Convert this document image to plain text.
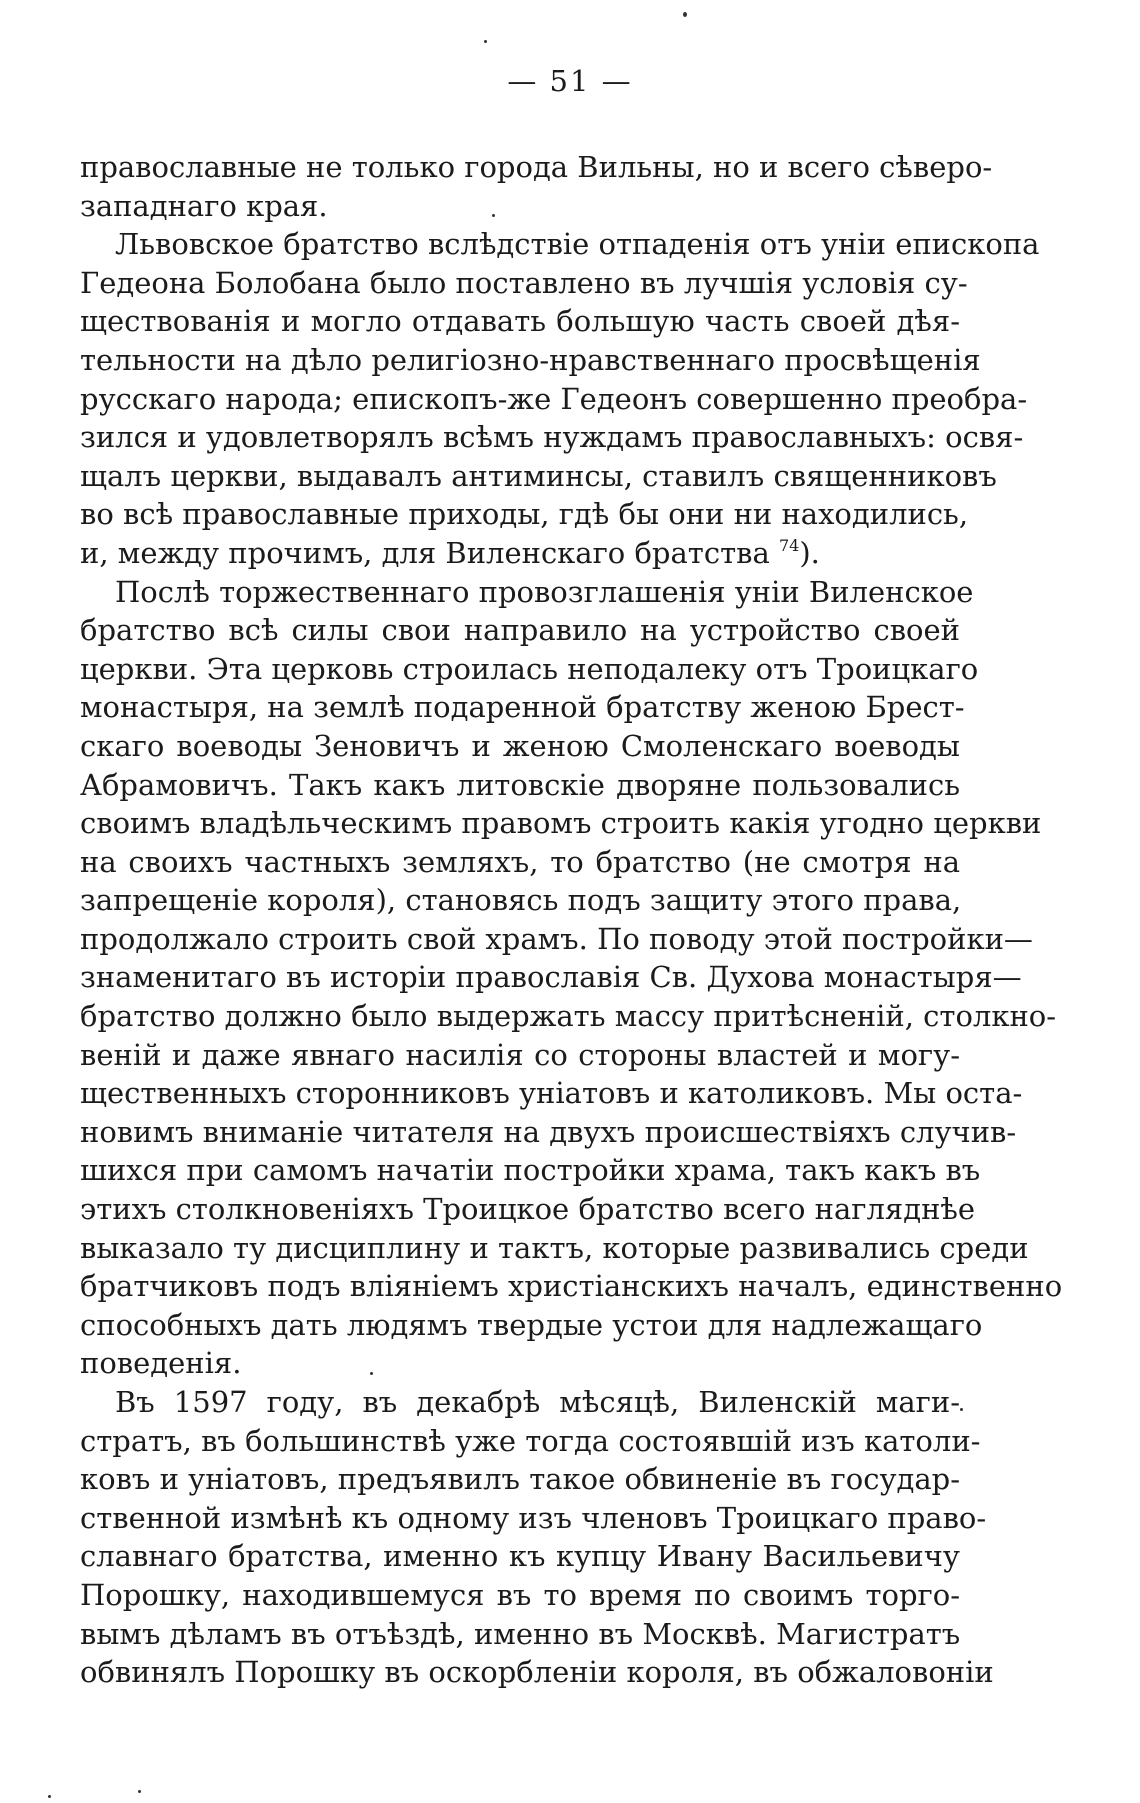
— 51 —
православные не только города Вильны, но и всего сѣверо-
западнаго края.
Львовское братство вслѣдствіе отпаденія отъ уніи епископа
Гедеона Болобана было поставлено въ лучшія условія су-
ществованія и могло отдавать большую часть своей дѣя-
тельности на дѣло религіозно-нравственнаго просвѣщенія
русскаго народа; епископъ-же Гедеонъ совершенно преобра-
зился и удовлетворялъ всѣмъ нуждамъ православныхъ: освя-
щалъ церкви, выдавалъ антиминсы, ставилъ священниковъ
во всѣ православные приходы, гдѣ бы они ни находились,
и, между прочимъ, для Виленскаго братства $^{74}$).
Послѣ торжественнаго провозглашенія уніи Виленское
братство всѣ силы свои направило на устройство своей
церкви. Эта церковь строилась неподалеку отъ Троицкаго
монастыря, на землѣ подаренной братству женою Брест-
скаго воеводы Зеновичъ и женою Смоленскаго воеводы
Абрамовичъ. Такъ какъ литовскіе дворяне пользовались
своимъ владѣльческимъ правомъ строить какія угодно церкви
на своихъ частныхъ земляхъ, то братство (не смотря на
запрещеніе короля), становясь подъ защиту этого права,
продолжало строить свой храмъ. По поводу этой постройки—
знаменитаго въ исторіи православія Св. Духова монастыря—
братство должно было выдержать массу притѣсненій, столкно-
веній и даже явнаго насилія со стороны властей и могу-
щественныхъ сторонниковъ уніатовъ и католиковъ. Мы оста-
новимъ вниманіе читателя на двухъ происшествіяхъ случив-
шихся при самомъ начатіи постройки храма, такъ какъ въ
этихъ столкновеніяхъ Троицкое братство всего нагляднѣе
выказало ту дисциплину и тактъ, которые развивались среди
братчиковъ подъ вліяніемъ христіанскихъ началъ, единственно
способныхъ дать людямъ твердые устои для надлежащаго
поведенія.
Въ 1597 году, въ декабрѣ мѣсяцѣ, Виленскій маги-
стратъ, въ большинствѣ уже тогда состоявшій изъ католи-
ковъ и уніатовъ, предъявилъ такое обвиненіе въ государ-
ственной измѣнѣ къ одному изъ членовъ Троицкаго право-
славнаго братства, именно къ купцу Ивану Васильевичу
Порошку, находившемуся въ то время по своимъ торго-
вымъ дѣламъ въ отъѣздѣ, именно въ Москвѣ. Магистратъ
обвинялъ Порошку въ оскорбленіи короля, въ обжаловоніи
